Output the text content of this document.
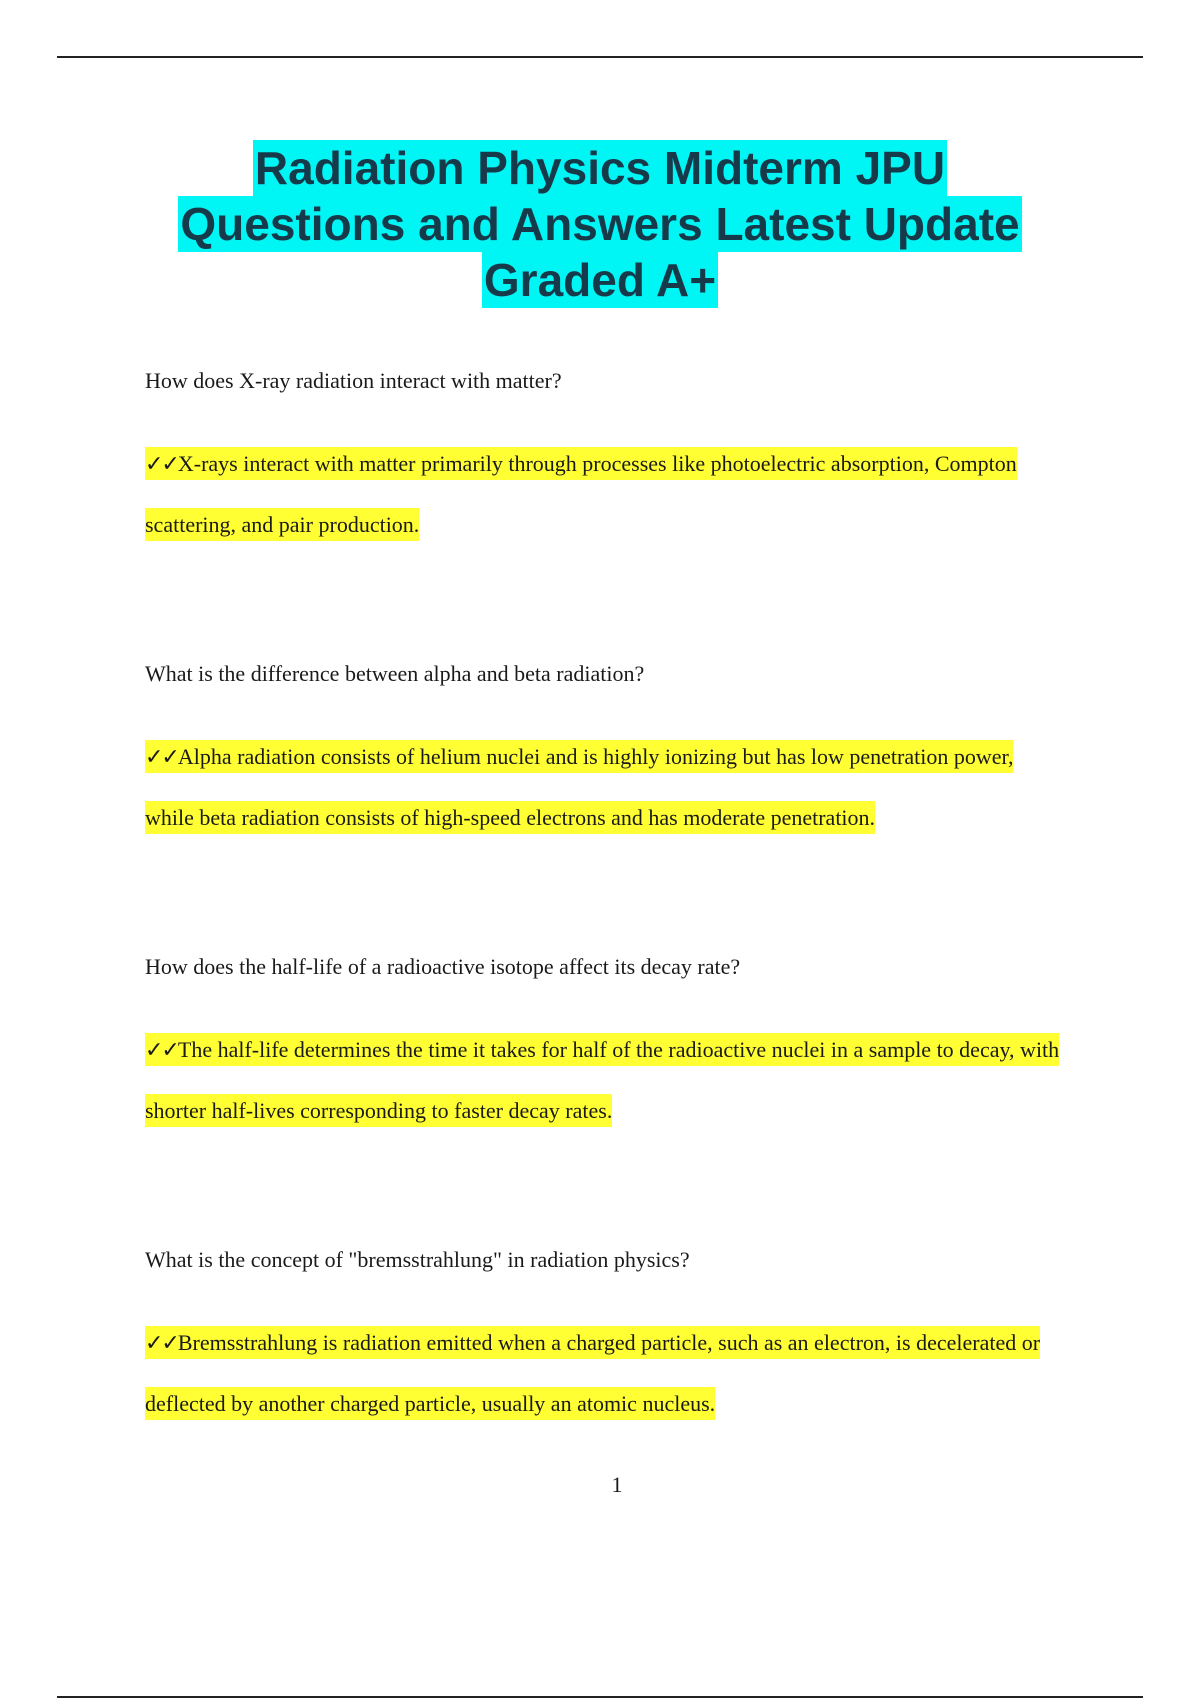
Radiation Physics Midterm JPU
Questions and Answers Latest Update
Graded A+

How does X-ray radiation interact with matter?

✓✓X-rays interact with matter primarily through processes like photoelectric absorption, Compton scattering, and pair production.

What is the difference between alpha and beta radiation?

✓✓Alpha radiation consists of helium nuclei and is highly ionizing but has low penetration power, while beta radiation consists of high-speed electrons and has moderate penetration.

How does the half-life of a radioactive isotope affect its decay rate?

✓✓The half-life determines the time it takes for half of the radioactive nuclei in a sample to decay, with shorter half-lives corresponding to faster decay rates.

What is the concept of "bremsstrahlung" in radiation physics?

✓✓Bremsstrahlung is radiation emitted when a charged particle, such as an electron, is decelerated or deflected by another charged particle, usually an atomic nucleus.

1
